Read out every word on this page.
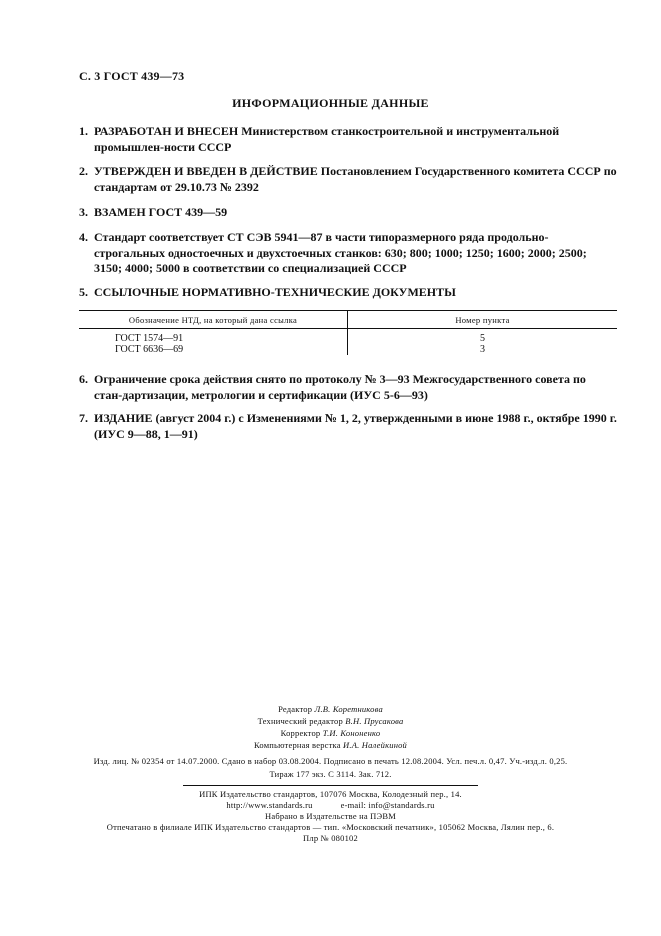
С. 3 ГОСТ 439—73
ИНФОРМАЦИОННЫЕ ДАННЫЕ
1. РАЗРАБОТАН И ВНЕСЕН Министерством станкостроительной и инструментальной промышлен-ности СССР
2. УТВЕРЖДЕН И ВВЕДЕН В ДЕЙСТВИЕ Постановлением Государственного комитета СССР по стандартам от 29.10.73 № 2392
3. ВЗАМЕН ГОСТ 439—59
4. Стандарт соответствует СТ СЭВ 5941—87 в части типоразмерного ряда продольно-строгальных одностоечных и двухстоечных станков: 630; 800; 1000; 1250; 1600; 2000; 2500; 3150; 4000; 5000 в соответствии со специализацией СССР
5. ССЫЛОЧНЫЕ НОРМАТИВНО-ТЕХНИЧЕСКИЕ ДОКУМЕНТЫ
Обозначение НТД, на который дана ссылка	Номер пункта
ГОСТ 1574—91	5
ГОСТ 6636—69	3
6. Ограничение срока действия снято по протоколу № 3—93 Межгосударственного совета по стан-дартизации, метрологии и сертификации (ИУС 5-6—93)
7. ИЗДАНИЕ (август 2004 г.) с Изменениями № 1, 2, утвержденными в июне 1988 г., октябре 1990 г. (ИУС 9—88, 1—91)
Редактор Л.В. Коретникова
Технический редактор В.Н. Прусакова
Корректор Т.И. Кононенко
Компьютерная верстка И.А. Налейкиной
Изд. лиц. № 02354 от 14.07.2000. Сдано в набор 03.08.2004. Подписано в печать 12.08.2004. Усл. печ.л. 0,47. Уч.-изд.л. 0,25.
Тираж 177 экз. С 3114. Зак. 712.
ИПК Издательство стандартов, 107076 Москва, Колодезный пер., 14.
http://www.standards.ru	e-mail: info@standards.ru
Набрано в Издательстве на ПЭВМ
Отпечатано в филиале ИПК Издательство стандартов — тип. «Московский печатник», 105062 Москва, Лялин пер., 6.
Плр № 080102
